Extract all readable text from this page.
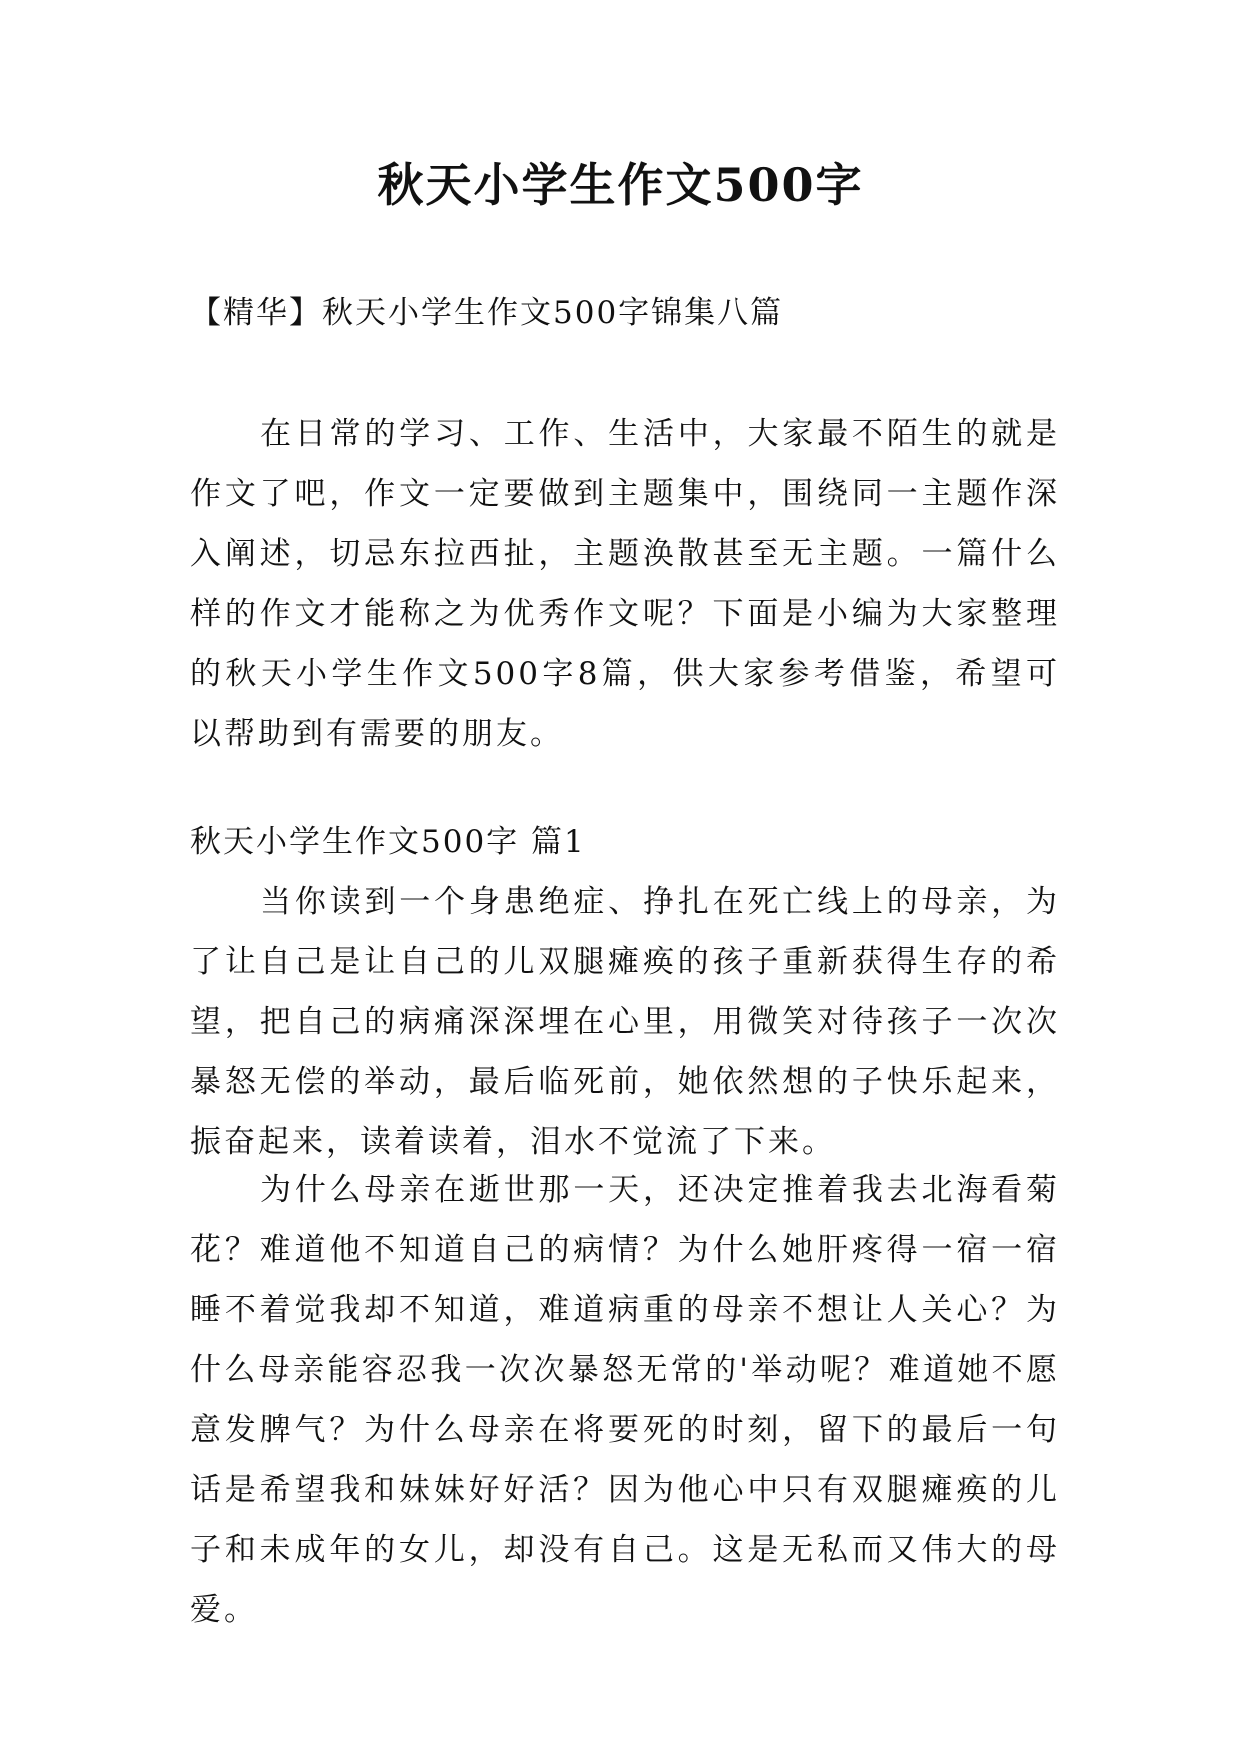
秋天小学生作文500字
【精华】秋天小学生作文500字锦集八篇
在日常的学习、工作、生活中，大家最不陌生的就是作文了吧，作文一定要做到主题集中，围绕同一主题作深入阐述，切忌东拉西扯，主题涣散甚至无主题。一篇什么样的作文才能称之为优秀作文呢？下面是小编为大家整理的秋天小学生作文500字8篇，供大家参考借鉴，希望可以帮助到有需要的朋友。
秋天小学生作文500字 篇1
当你读到一个身患绝症、挣扎在死亡线上的母亲，为了让自己是让自己的儿双腿瘫痪的孩子重新获得生存的希望，把自己的病痛深深埋在心里，用微笑对待孩子一次次暴怒无偿的举动，最后临死前，她依然想的子快乐起来，振奋起来，读着读着，泪水不觉流了下来。
为什么母亲在逝世那一天，还决定推着我去北海看菊花？难道他不知道自己的病情？为什么她肝疼得一宿一宿睡不着觉我却不知道，难道病重的母亲不想让人关心？为什么母亲能容忍我一次次暴怒无常的'举动呢？难道她不愿意发脾气？为什么母亲在将要死的时刻，留下的最后一句话是希望我和妹妹好好活？因为他心中只有双腿瘫痪的儿子和未成年的女儿，却没有自己。这是无私而又伟大的母爱。
